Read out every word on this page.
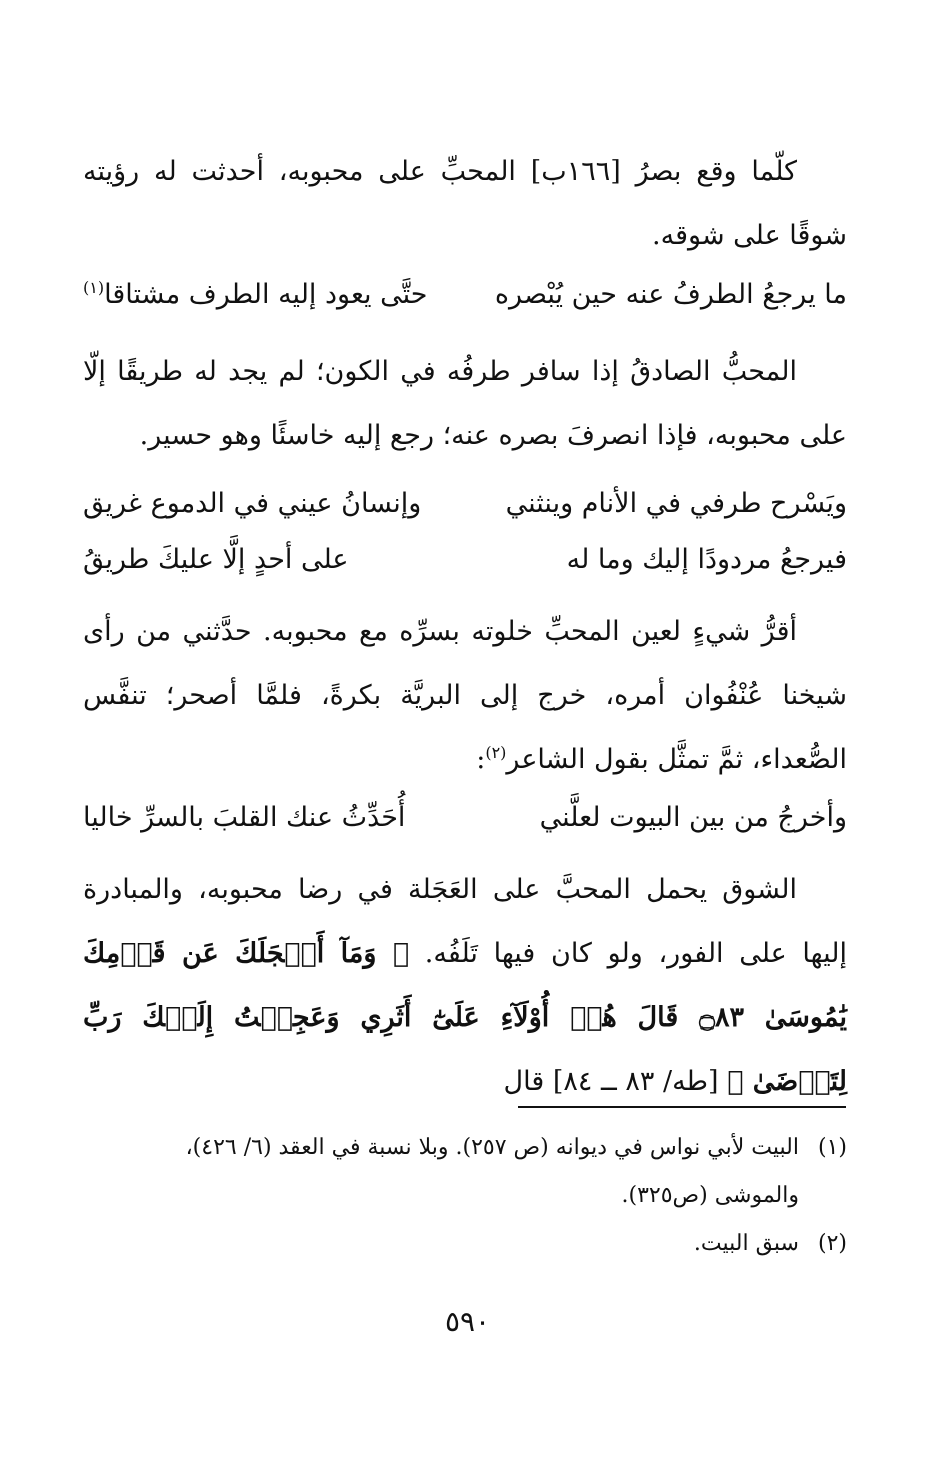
كلّما وقع بصرُ [١٦٦ب] المحبِّ على محبوبه، أحدثت له رؤيته شوقًا على شوقه.

ما يرجعُ الطرفُ عنه حين يُبْصره
حتَّى يعود إليه الطرف مشتاقا$^{(١)}$

المحبُّ الصادقُ إذا سافر طرفُه في الكون؛ لم يجد له طريقًا إلّا على محبوبه، فإذا انصرفَ بصره عنه؛ رجع إليه خاسئًا وهو حسير.

ويَسْرح طرفي في الأنام وينثني
وإنسانُ عيني في الدموع غريق
فيرجعُ مردودًا إليك وما له
على أحدٍ إلَّا عليكَ طريقُ

أقرُّ شيءٍ لعين المحبِّ خلوته بسرِّه مع محبوبه. حدَّثني من رأى شيخنا عُنْفُوان أمره، خرج إلى البريَّة بكرةً، فلمَّا أصحر؛ تنفَّس الصُّعداء، ثمَّ تمثَّل بقول الشاعر$^{(٢)}$:

وأخرجُ من بين البيوت لعلَّني
أُحَدِّثُ عنك القلبَ بالسرِّ خاليا

الشوق يحمل المحبَّ على العَجَلة في رضا محبوبه، والمبادرة إليها على الفور، ولو كان فيها تَلَفُه. ﴿ وَمَآ أَعۡجَلَكَ عَن قَوۡمِكَ يَٰمُوسَىٰ ۝٨٣ قَالَ هُمۡ أُوْلَآءِ عَلَىٰٓ أَثَرِي وَعَجِلۡتُ إِلَيۡكَ رَبِّ لِتَرۡضَىٰ ﴾ [طه/ ٨٣ ــ ٨٤] قال

(١)البيت لأبي نواس في ديوانه (ص ٢٥٧). وبلا نسبة في العقد (٦/ ٤٢٦)،

والموشى (ص٣٢٥).

(٢)سبق البيت.

٥٩٠
